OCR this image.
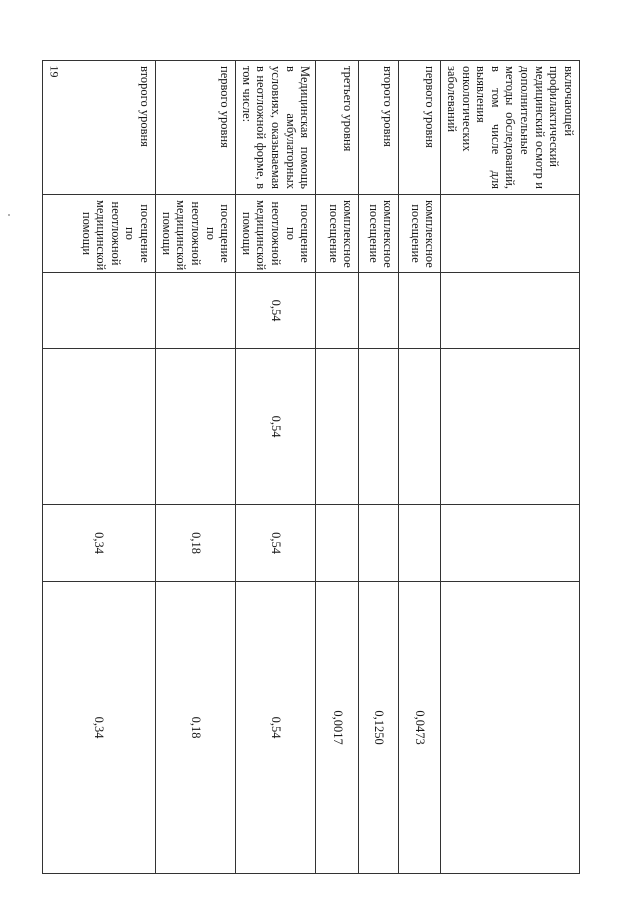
19	включающей профилактический медицинский осмотр и дополнительные методы обследований, в том числе для выявления онкологических заболеваний					
первого уровня	комплексное посещение				0,0473
второго уровня	комплексное посещение				0,1250
третьего уровня	комплексное посещение				0,0017
Медицинская помощь в амбулаторных условиях, оказываемая в неотложной форме, в том числе:	посещение по неотложной медицинской помощи	0,54	0,54	0,54	0,54
первого уровня	посещение по неотложной медицинской помощи			0,18	0,18
второго уровня	посещение по неотложной медицинской помощи			0,34	0,34
